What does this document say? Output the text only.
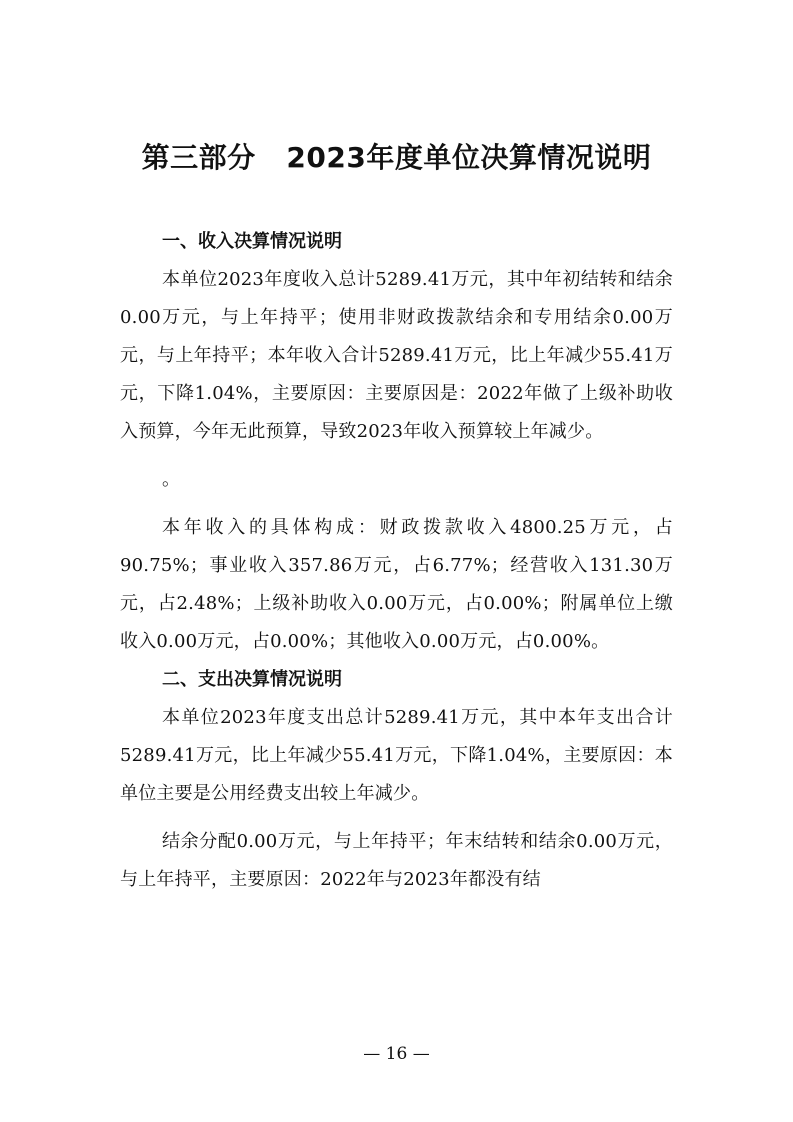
第三部分   2023年度单位决算情况说明
一、收入决算情况说明

本单位2023年度收入总计5289.41万元，其中年初结转和结余0.00万元，与上年持平；使用非财政拨款结余和专用结余0.00万元，与上年持平；本年收入合计5289.41万元，比上年减少55.41万元，下降1.04%，主要原因：主要原因是：2022年做了上级补助收入预算，今年无此预算，导致2023年收入预算较上年减少。

。

本年收入的具体构成：财政拨款收入4800.25万元，占90.75%；事业收入357.86万元，占6.77%；经营收入131.30万元，占2.48%；上级补助收入0.00万元，占0.00%；附属单位上缴收入0.00万元，占0.00%；其他收入0.00万元，占0.00%。

二、支出决算情况说明

本单位2023年度支出总计5289.41万元，其中本年支出合计5289.41万元，比上年减少55.41万元，下降1.04%，主要原因：本单位主要是公用经费支出较上年减少。

结余分配0.00万元，与上年持平；年末结转和结余0.00万元，与上年持平，主要原因：2022年与2023年都没有结

— 16 —
